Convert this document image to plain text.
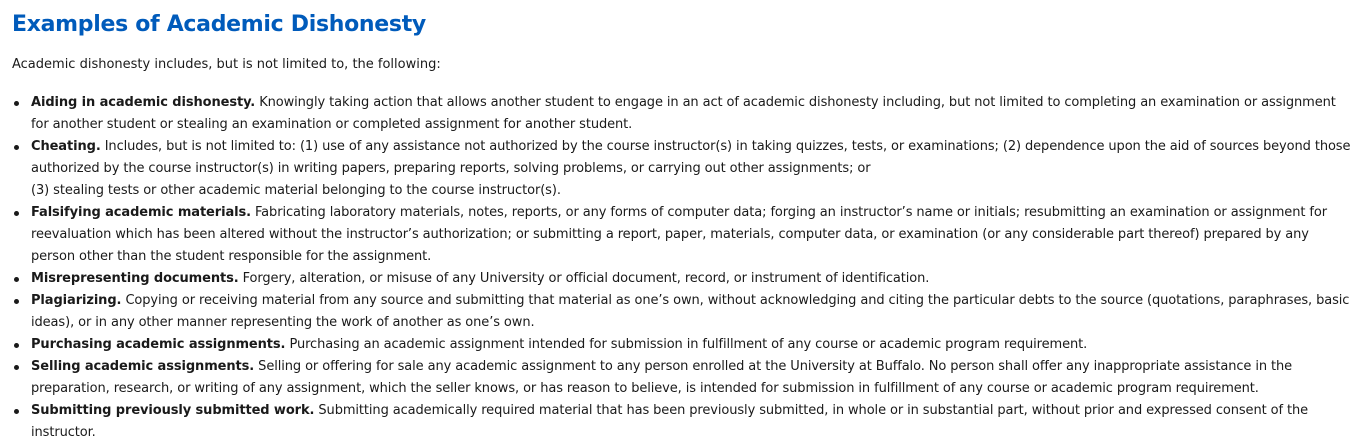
Examples of Academic Dishonesty

Academic dishonesty includes, but is not limited to, the following:

Aiding in academic dishonesty. Knowingly taking action that allows another student to engage in an act of academic dishonesty including, but not limited to completing an examination or assignment for another student or stealing an examination or completed assignment for another student.
Cheating. Includes, but is not limited to: (1) use of any assistance not authorized by the course instructor(s) in taking quizzes, tests, or examinations; (2) dependence upon the aid of sources beyond those authorized by the course instructor(s) in writing papers, preparing reports, solving problems, or carrying out other assignments; or
(3) stealing tests or other academic material belonging to the course instructor(s).
Falsifying academic materials. Fabricating laboratory materials, notes, reports, or any forms of computer data; forging an instructor’s name or initials; resubmitting an examination or assignment for reevaluation which has been altered without the instructor’s authorization; or submitting a report, paper, materials, computer data, or examination (or any considerable part thereof) prepared by any person other than the student responsible for the assignment.
Misrepresenting documents. Forgery, alteration, or misuse of any University or official document, record, or instrument of identification.
Plagiarizing. Copying or receiving material from any source and submitting that material as one’s own, without acknowledging and citing the particular debts to the source (quotations, paraphrases, basic ideas), or in any other manner representing the work of another as one’s own.
Purchasing academic assignments. Purchasing an academic assignment intended for submission in fulfillment of any course or academic program requirement.
Selling academic assignments. Selling or offering for sale any academic assignment to any person enrolled at the University at Buffalo. No person shall offer any inappropriate assistance in the preparation, research, or writing of any assignment, which the seller knows, or has reason to believe, is intended for submission in fulfillment of any course or academic program requirement.
Submitting previously submitted work. Submitting academically required material that has been previously submitted, in whole or in substantial part, without prior and expressed consent of the instructor.
